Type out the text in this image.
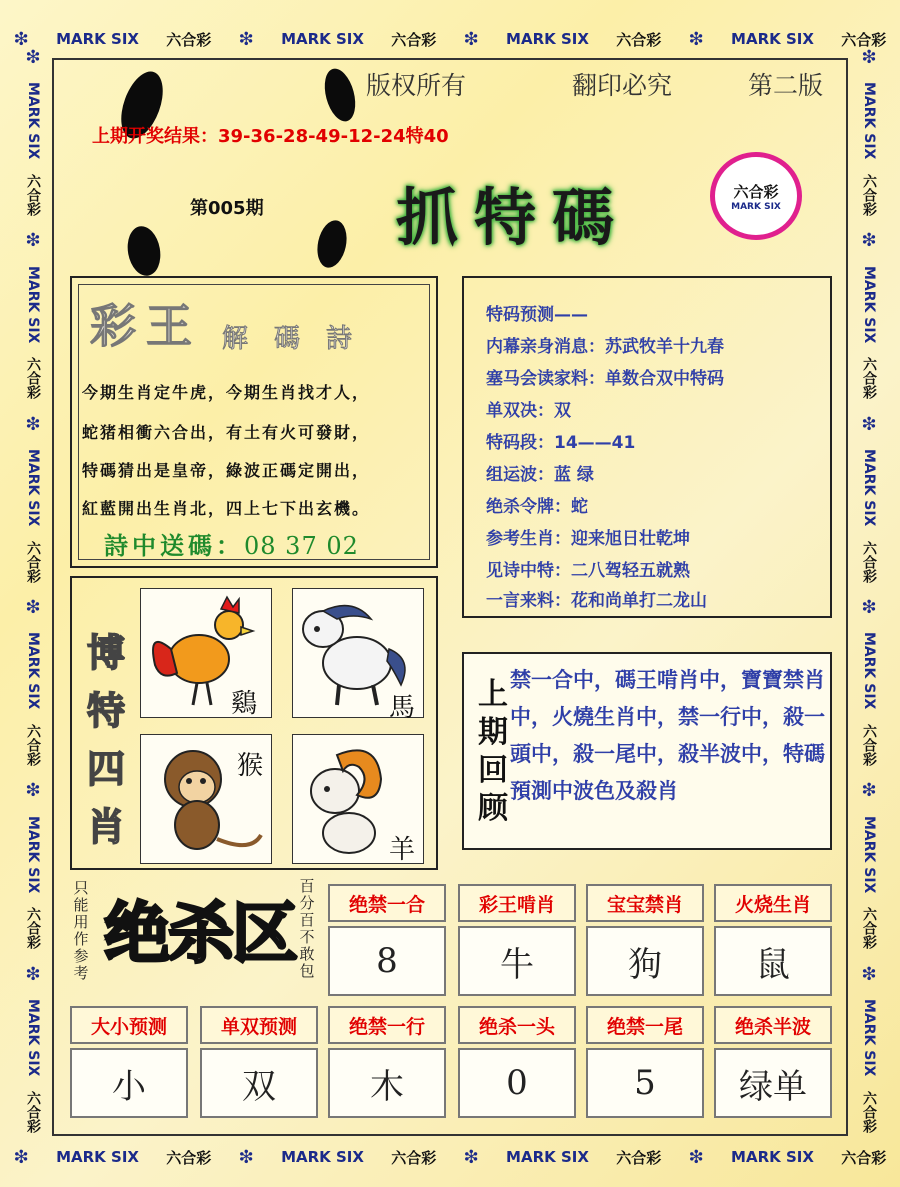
❇ MARK SIX 六合彩 ❇ MARK SIX 六合彩 ❇ MARK SIX 六合彩 ❇ MARK SIX 六合彩
❇ MARK SIX 六合彩 ❇ MARK SIX 六合彩 ❇ MARK SIX 六合彩 ❇ MARK SIX 六合彩
❇
MARK SIX
六合彩
❇
MARK SIX
六合彩
❇
MARK SIX
六合彩
❇
MARK SIX
六合彩
❇
MARK SIX
六合彩
❇
MARK SIX
六合彩
❇
MARK SIX
六合彩
❇
MARK SIX
六合彩
❇
MARK SIX
六合彩
❇
MARK SIX
六合彩
❇
MARK SIX
六合彩
❇
MARK SIX
六合彩
版权所有	翻印必究	第二版
上期开奖结果：39-36-28-49-12-24特40
第005期 抓特碼	六合彩
MARK SIX
彩王 解碼詩
今期生肖定牛虎，今期生肖找才人，
蛇猪相衝六合出，有土有火可發財，
特碼猜出是皇帝，綠波正碼定開出，
紅藍開出生肖北，四上七下出玄機。
詩中送碼：08 37 02
特码预测——
内幕亲身消息：苏武牧羊十九春
塞马会读家料：单数合双中特码
单双决：双
特码段：14——41
组运波：蓝 绿
绝杀令牌：蛇
参考生肖：迎来旭日壮乾坤
见诗中特：二八驾轻五就熟
一言来料：花和尚单打二龙山
博特四肖
鷄	馬
猴
羊
上期回顾
禁一合中，碼王啃肖中，寶寶禁肖中，火燒生肖中，禁一行中，殺一頭中，殺一尾中，殺半波中，特碼預測中波色及殺肖
只能用作参考
绝杀区
百分百不敢包
绝禁一合
8
彩王啃肖
牛
宝宝禁肖
狗
火烧生肖
鼠
大小预测
小
单双预测
双
绝禁一行
木
绝杀一头
0
绝禁一尾
5
绝杀半波
绿单
